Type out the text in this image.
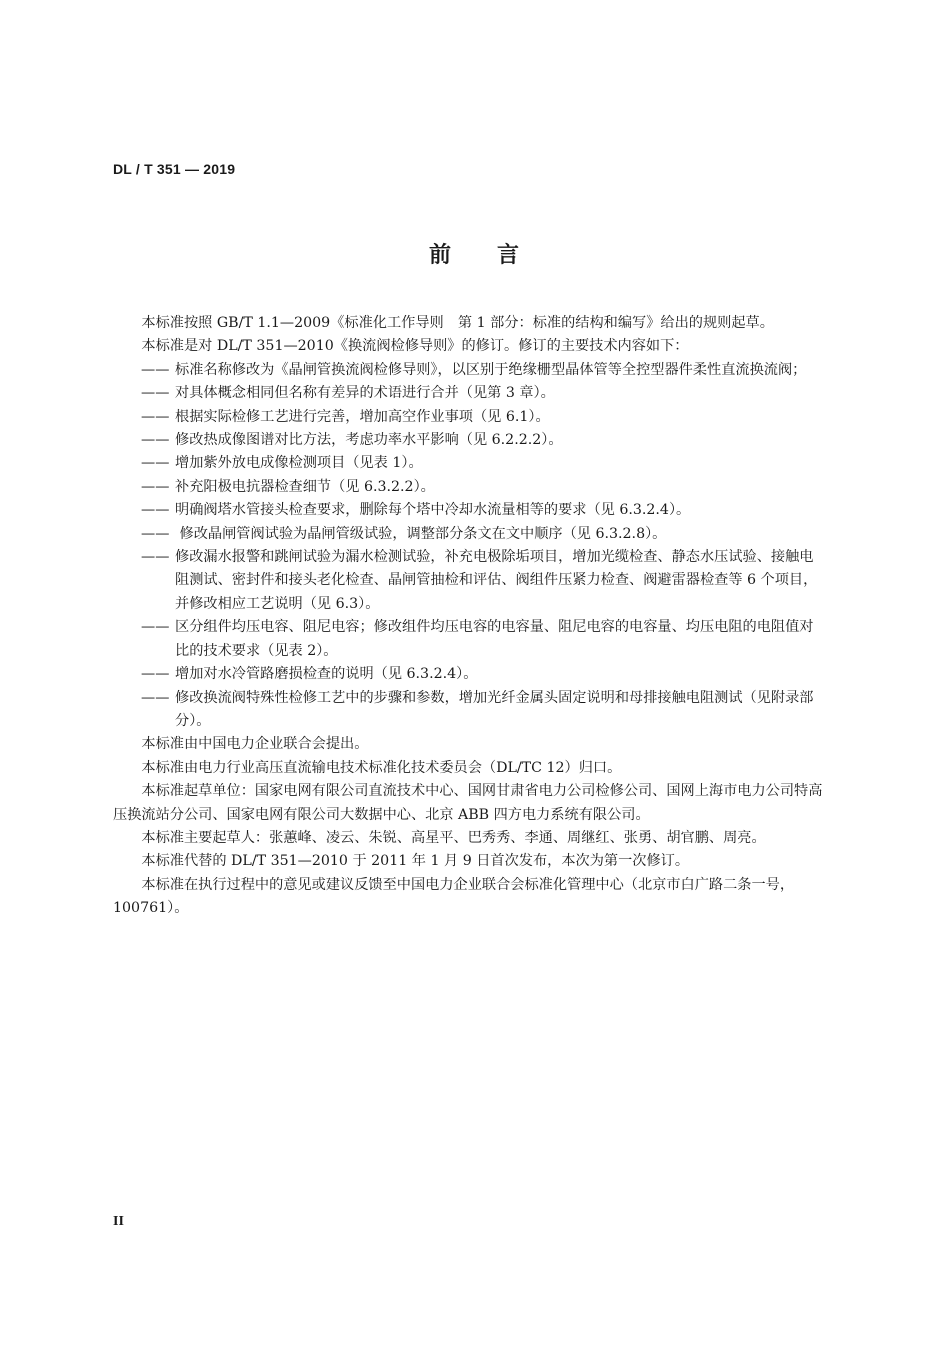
DL / T 351 — 2019
前 言

本标准按照 GB/T 1.1—2009《标准化工作导则　第 1 部分：标准的结构和编写》给出的规则起草。

本标准是对 DL/T 351—2010《换流阀检修导则》的修订。修订的主要技术内容如下：

—— 标准名称修改为《晶闸管换流阀检修导则》，以区别于绝缘栅型晶体管等全控型器件柔性直流换流阀；
—— 对具体概念相同但名称有差异的术语进行合并（见第 3 章）。
—— 根据实际检修工艺进行完善，增加高空作业事项（见 6.1）。
—— 修改热成像图谱对比方法，考虑功率水平影响（见 6.2.2.2）。
—— 增加紫外放电成像检测项目（见表 1）。
—— 补充阳极电抗器检查细节（见 6.3.2.2）。
—— 明确阀塔水管接头检查要求，删除每个塔中冷却水流量相等的要求（见 6.3.2.4）。
—— 修改晶闸管阀试验为晶闸管级试验，调整部分条文在文中顺序（见 6.3.2.8）。
—— 修改漏水报警和跳闸试验为漏水检测试验，补充电极除垢项目，增加光缆检查、静态水压试验、接触电阻测试、密封件和接头老化检查、晶闸管抽检和评估、阀组件压紧力检查、阀避雷器检查等 6 个项目，并修改相应工艺说明（见 6.3）。
—— 区分组件均压电容、阻尼电容；修改组件均压电容的电容量、阻尼电容的电容量、均压电阻的电阻值对比的技术要求（见表 2）。
—— 增加对水冷管路磨损检查的说明（见 6.3.2.4）。
—— 修改换流阀特殊性检修工艺中的步骤和参数，增加光纤金属头固定说明和母排接触电阻测试（见附录部分）。

本标准由中国电力企业联合会提出。

本标准由电力行业高压直流输电技术标准化技术委员会（DL/TC 12）归口。

本标准起草单位：国家电网有限公司直流技术中心、国网甘肃省电力公司检修公司、国网上海市电力公司特高压换流站分公司、国家电网有限公司大数据中心、北京 ABB 四方电力系统有限公司。

本标准主要起草人：张蕙峰、凌云、朱锐、高星平、巴秀秀、李通、周继红、张勇、胡官鹏、周亮。

本标准代替的 DL/T 351—2010 于 2011 年 1 月 9 日首次发布，本次为第一次修订。

本标准在执行过程中的意见或建议反馈至中国电力企业联合会标准化管理中心（北京市白广路二条一号，100761）。

II
